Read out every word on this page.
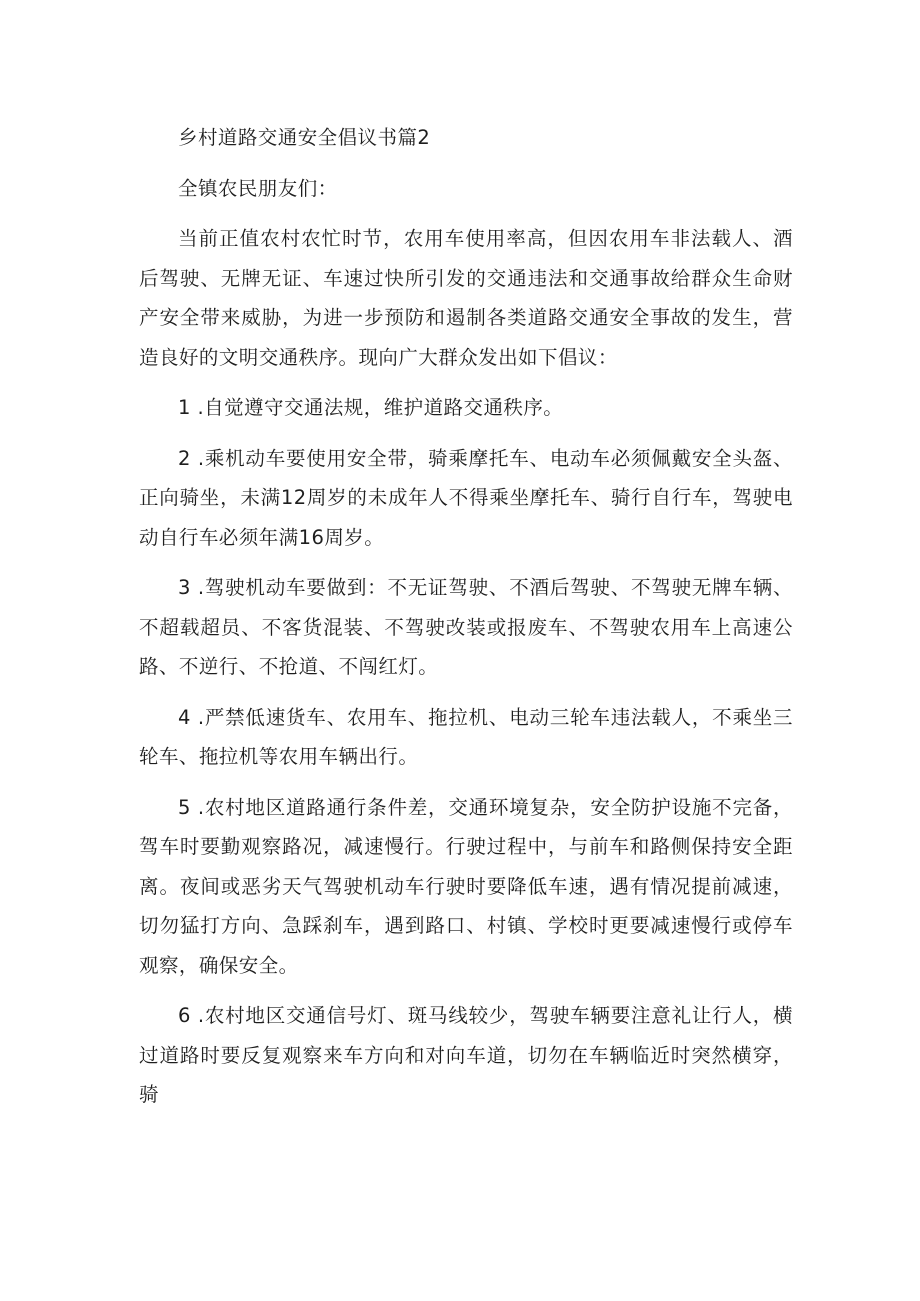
乡村道路交通安全倡议书篇2

全镇农民朋友们：

当前正值农村农忙时节，农用车使用率高，但因农用车非法载人、酒后驾驶、无牌无证、车速过快所引发的交通违法和交通事故给群众生命财产安全带来威胁，为进一步预防和遏制各类道路交通安全事故的发生，营造良好的文明交通秩序。现向广大群众发出如下倡议：

1 .自觉遵守交通法规，维护道路交通秩序。

2 .乘机动车要使用安全带，骑乘摩托车、电动车必须佩戴安全头盔、正向骑坐，未满12周岁的未成年人不得乘坐摩托车、骑行自行车，驾驶电动自行车必须年满16周岁。

3 .驾驶机动车要做到：不无证驾驶、不酒后驾驶、不驾驶无牌车辆、不超载超员、不客货混装、不驾驶改装或报废车、不驾驶农用车上高速公路、不逆行、不抢道、不闯红灯。

4 .严禁低速货车、农用车、拖拉机、电动三轮车违法载人，不乘坐三轮车、拖拉机等农用车辆出行。

5 .农村地区道路通行条件差，交通环境复杂，安全防护设施不完备，驾车时要勤观察路况，减速慢行。行驶过程中，与前车和路侧保持安全距离。夜间或恶劣天气驾驶机动车行驶时要降低车速，遇有情况提前减速，切勿猛打方向、急踩刹车，遇到路口、村镇、学校时更要减速慢行或停车观察，确保安全。

6 .农村地区交通信号灯、斑马线较少，驾驶车辆要注意礼让行人，横过道路时要反复观察来车方向和对向车道，切勿在车辆临近时突然横穿，骑
